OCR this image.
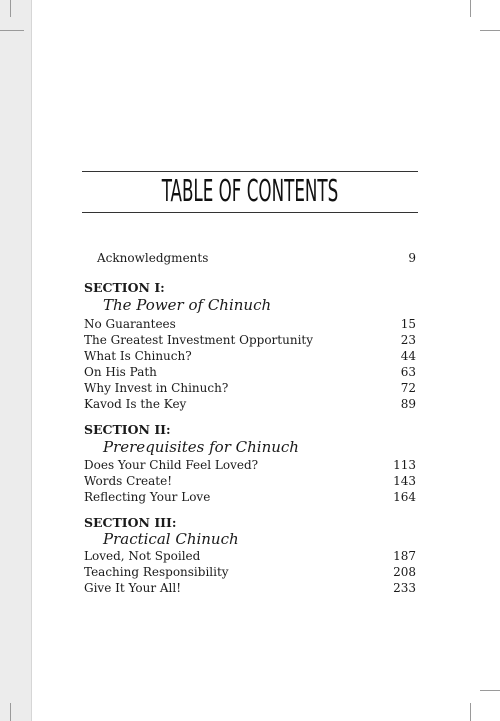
TABLE OF CONTENTS
Acknowledgments	9
SECTION I:
The Power of Chinuch
No Guarantees	15
The Greatest Investment Opportunity	23
What Is Chinuch?	44
On His Path	63
Why Invest in Chinuch?	72
Kavod Is the Key	89
SECTION II:
Prerequisites for Chinuch
Does Your Child Feel Loved?	113
Words Create!	143
Reflecting Your Love	164
SECTION III:
Practical Chinuch
Loved, Not Spoiled	187
Teaching Responsibility	208
Give It Your All!	233
